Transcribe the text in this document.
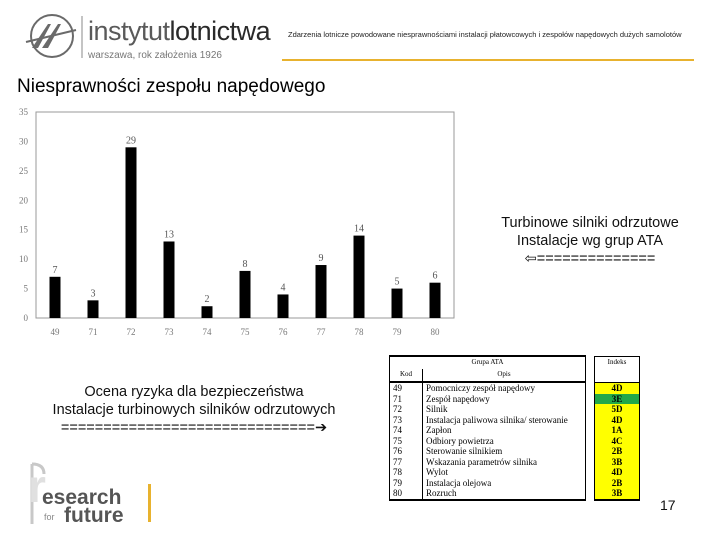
instytutlotnictwa
warszawa, rok założenia 1926
Zdarzenia lotnicze powodowane niesprawnościami instalacji płatowcowych i zespołów napędowych dużych samolotów
Niesprawności zespołu napędowego
0
5
10
15
20
25
30
35
7
3
29
13
2
8
4
9
14
5
6
49	71	72	73	74	75	76	77	78	79	80
Turbinowe silniki odrzutowe
Instalacje wg grup ATA
⇦==============
Ocena ryzyka dla bezpieczeństwa
Instalacje turbinowych silników odrzutowych
==============================➔
Grupa ATA			Indeks
Kod	Opis		
49	Pomocniczy zespół napędowy		4D
71	Zespół napędowy		3E
72	Silnik		5D
73	Instalacja paliwowa silnika/ sterowanie		4D
74	Zapłon		1A
75	Odbiory powietrza		4C
76	Sterowanie silnikiem		2B
77	Wskazania parametrów silnika		3B
78	Wylot		4D
79	Instalacja olejowa		2B
80	Rozruch		3B
r
esearch
for future	17
